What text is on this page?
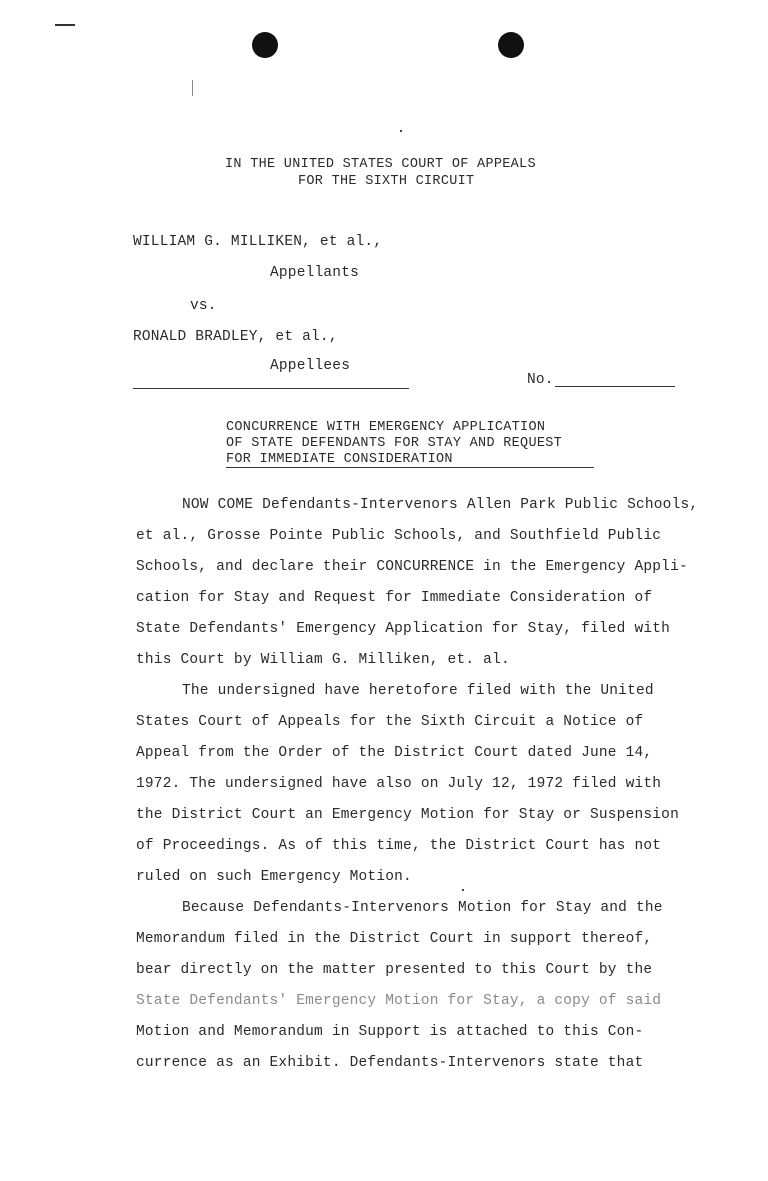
IN THE UNITED STATES COURT OF APPEALS
FOR THE SIXTH CIRCUIT
WILLIAM G. MILLIKEN, et al.,
Appellants
vs.
RONALD BRADLEY, et al.,
Appellees
No.
CONCURRENCE WITH EMERGENCY APPLICATION
OF STATE DEFENDANTS FOR STAY AND REQUEST
FOR IMMEDIATE CONSIDERATION
NOW COME Defendants-Intervenors Allen Park Public Schools,
et al., Grosse Pointe Public Schools, and Southfield Public
Schools, and declare their CONCURRENCE in the Emergency Appli-
cation for Stay and Request for Immediate Consideration of
State Defendants' Emergency Application for Stay, filed with
this Court by William G. Milliken, et. al.
The undersigned have heretofore filed with the United
States Court of Appeals for the Sixth Circuit a Notice of
Appeal from the Order of the District Court dated June 14,
1972. The undersigned have also on July 12, 1972 filed with
the District Court an Emergency Motion for Stay or Suspension
of Proceedings. As of this time, the District Court has not
ruled on such Emergency Motion.
Because Defendants-Intervenors Motion for Stay and the
Memorandum filed in the District Court in support thereof,
bear directly on the matter presented to this Court by the
State Defendants' Emergency Motion for Stay, a copy of said
Motion and Memorandum in Support is attached to this Con-
currence as an Exhibit. Defendants-Intervenors state that
